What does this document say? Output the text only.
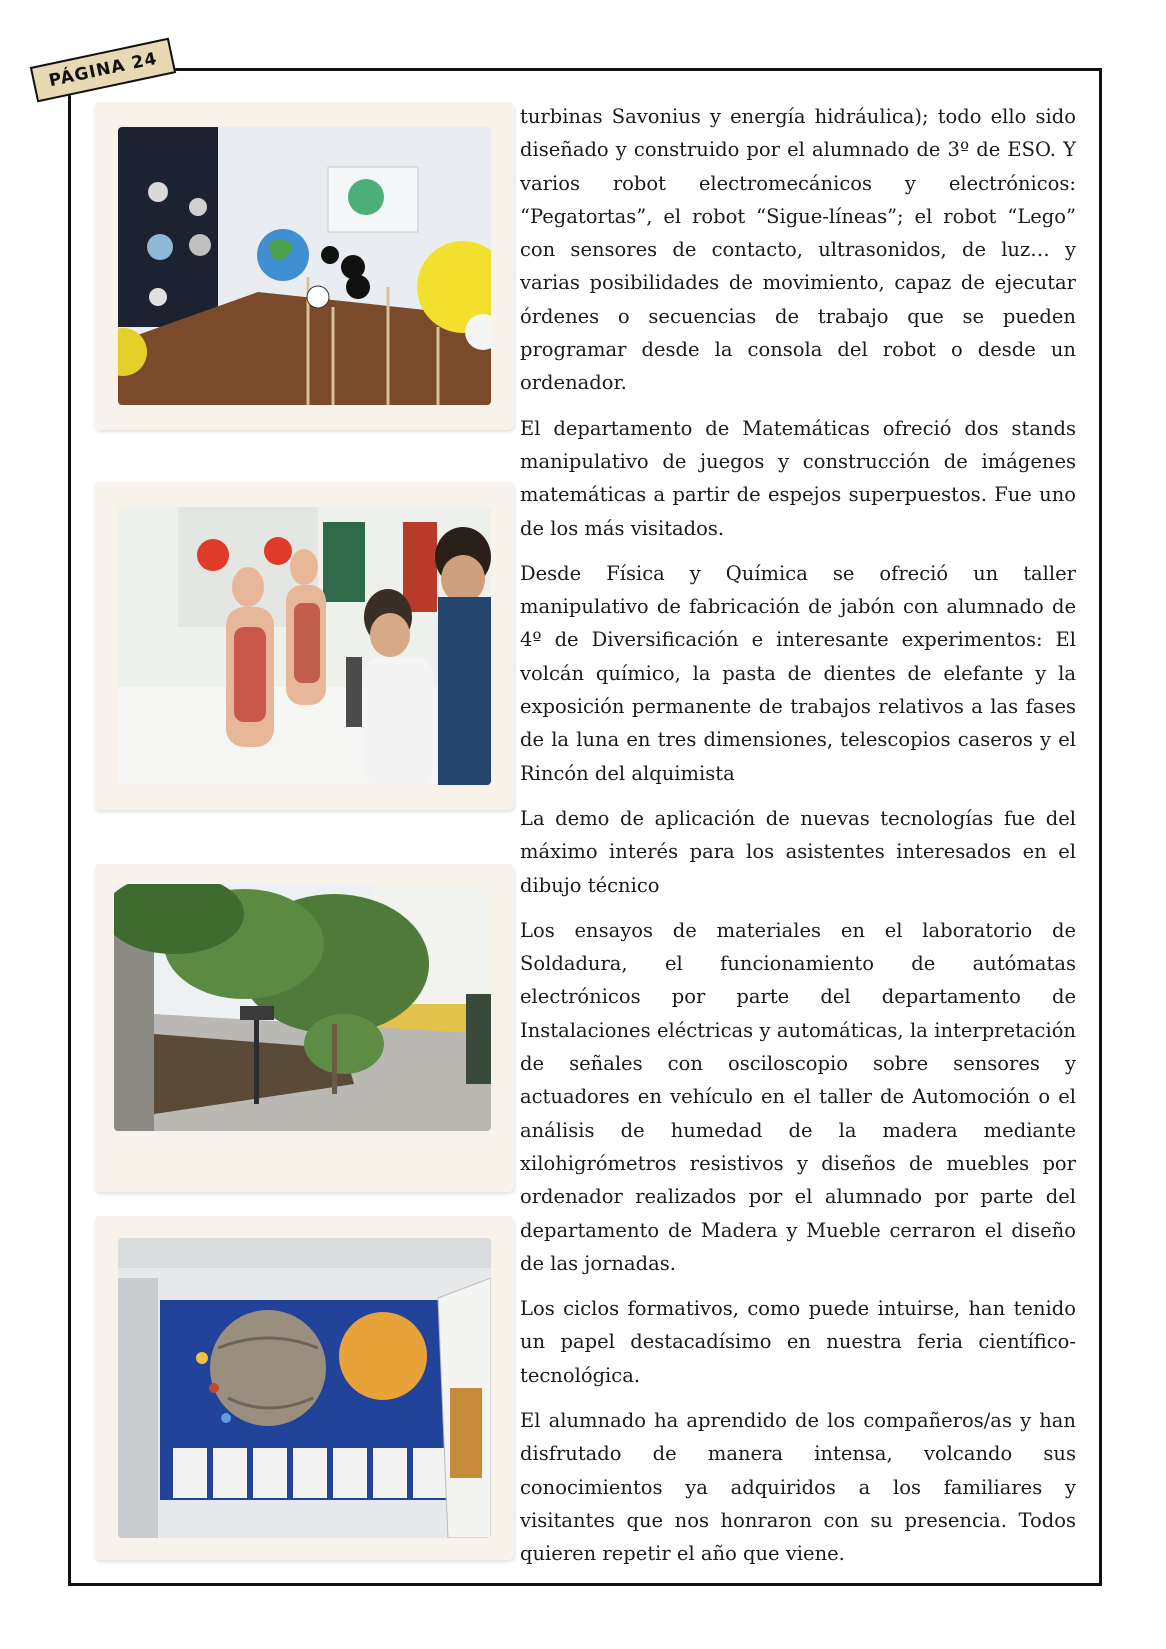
PÁGINA 24

turbinas Savonius y energía hidráulica); todo ello sido diseñado y construido por el alumnado de 3º de ESO. Y varios robot electromecánicos y electrónicos: “Pegatortas”, el robot “Sigue-líneas”; el robot “Lego” con sensores de contacto, ultrasonidos, de luz… y varias posibilidades de movimiento, capaz de ejecutar órdenes o secuencias de trabajo que se pueden programar desde la consola del robot o desde un ordenador.

El departamento de Matemáticas ofreció dos stands manipulativo de juegos y construcción de imágenes matemáticas a partir de espejos superpuestos. Fue uno de los más visitados.

Desde Física y Química se ofreció un taller manipulativo de fabricación de jabón con alumnado de 4º de Diversificación e interesante experimentos: El volcán químico, la pasta de dientes de elefante y la exposición permanente de trabajos relativos a las fases de la luna en tres dimensiones, telescopios caseros y el Rincón del alquimista

La demo de aplicación de nuevas tecnologías fue del máximo interés para los asistentes interesados en el dibujo técnico

Los ensayos de materiales en el laboratorio de Soldadura, el funcionamiento de autómatas electrónicos por parte del departamento de Instalaciones eléctricas y automáticas, la interpretación de señales con osciloscopio sobre sensores y actuadores en vehículo en el taller de Automoción o el análisis de humedad de la madera mediante xilohigrómetros resistivos y diseños de muebles por ordenador realizados por el alumnado por parte del departamento de Madera y Mueble cerraron el diseño de las jornadas.

Los ciclos formativos, como puede intuirse, han tenido un papel destacadísimo en nuestra feria científico-tecnológica.

El alumnado ha aprendido de los compañeros/as y han disfrutado de manera intensa, volcando sus conocimientos ya adquiridos a los familiares y visitantes que nos honraron con su presencia. Todos quieren repetir el año que viene.
